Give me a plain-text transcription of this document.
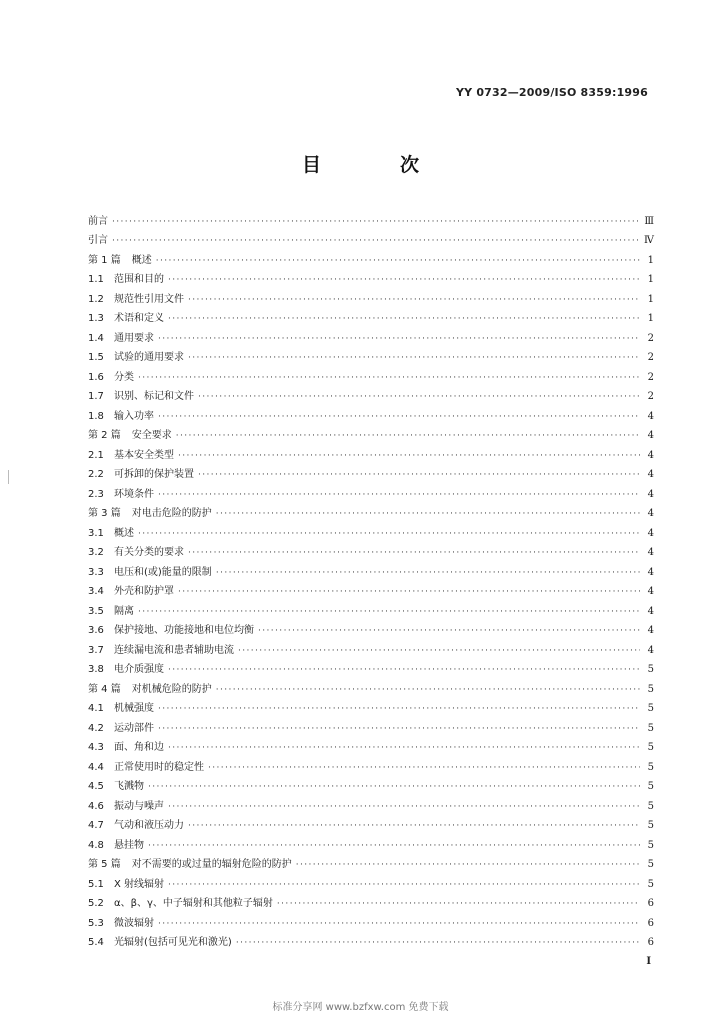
YY 0732—2009/ISO 8359:1996
目　次
前言 ·····	Ⅲ
引言 ·····	Ⅳ
第 1 篇 概述 ·····	1
1.1	范围和目的 ·····	1
1.2	规范性引用文件 ·····	1
1.3	术语和定义 ·····	1
1.4	通用要求 ·····	2
1.5	试验的通用要求 ·····	2
1.6	分类 ·····	2
1.7	识别、标记和文件 ·····	2
1.8	输入功率 ·····	4
第 2 篇 安全要求 ·····	4
2.1	基本安全类型 ·····	4
2.2	可拆卸的保护装置 ·····	4
2.3	环境条件 ·····	4
第 3 篇 对电击危险的防护 ·····	4
3.1	概述 ·····	4
3.2	有关分类的要求 ·····	4
3.3	电压和(或)能量的限制 ·····	4
3.4	外壳和防护罩 ·····	4
3.5	隔离 ·····	4
3.6	保护接地、功能接地和电位均衡 ·····	4
3.7	连续漏电流和患者辅助电流 ·····	4
3.8	电介质强度 ·····	5
第 4 篇 对机械危险的防护 ·····	5
4.1	机械强度 ·····	5
4.2	运动部件 ·····	5
4.3	面、角和边 ·····	5
4.4	正常使用时的稳定性 ·····	5
4.5	飞溅物 ·····	5
4.6	振动与噪声 ·····	5
4.7	气动和液压动力 ·····	5
4.8	悬挂物 ·····	5
第 5 篇 对不需要的或过量的辐射危险的防护 ·····	5
5.1	X 射线辐射 ·····	5
5.2	α、β、γ、中子辐射和其他粒子辐射 ·····	6
5.3	微波辐射 ·····	6
5.4	光辐射(包括可见光和激光) ·····	6
I
标准分享网 www.bzfxw.com 免费下载
